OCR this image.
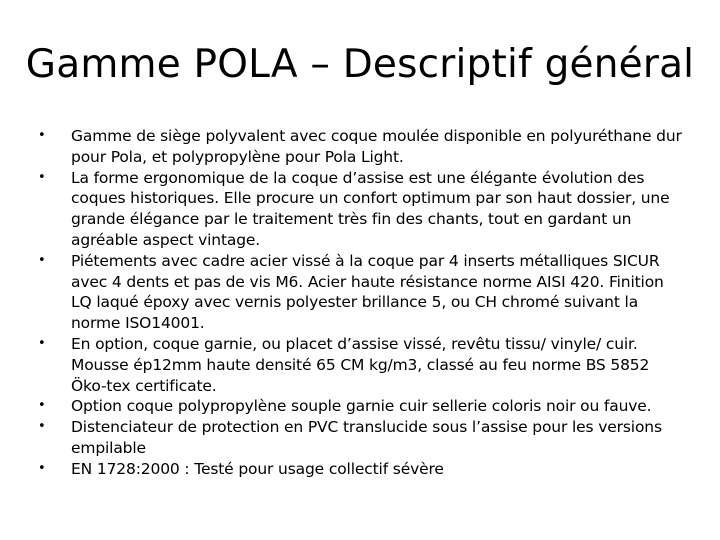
Gamme POLA – Descriptif général
• Gamme de siège polyvalent avec coque moulée disponible en polyuréthane dur pour Pola, et polypropylène pour Pola Light.
• La forme ergonomique de la coque d’assise est une élégante évolution des coques historiques. Elle procure un confort optimum par son haut dossier, une grande élégance par le traitement très fin des chants, tout en gardant un agréable aspect vintage.
• Piétements avec cadre acier vissé à la coque par 4 inserts métalliques SICUR avec 4 dents et pas de vis M6. Acier haute résistance norme AISI 420. Finition LQ laqué époxy avec vernis polyester brillance 5, ou CH chromé suivant la norme ISO14001.
• En option, coque garnie, ou placet d’assise vissé, revêtu tissu/ vinyle/ cuir. Mousse ép12mm haute densité 65 CM kg/m3, classé au feu norme BS 5852 Öko-tex certificate.
• Option coque polypropylène souple garnie cuir sellerie coloris noir ou fauve.
• Distenciateur de protection en PVC translucide sous l’assise pour les versions empilable
• EN 1728:2000 : Testé pour usage collectif sévère
